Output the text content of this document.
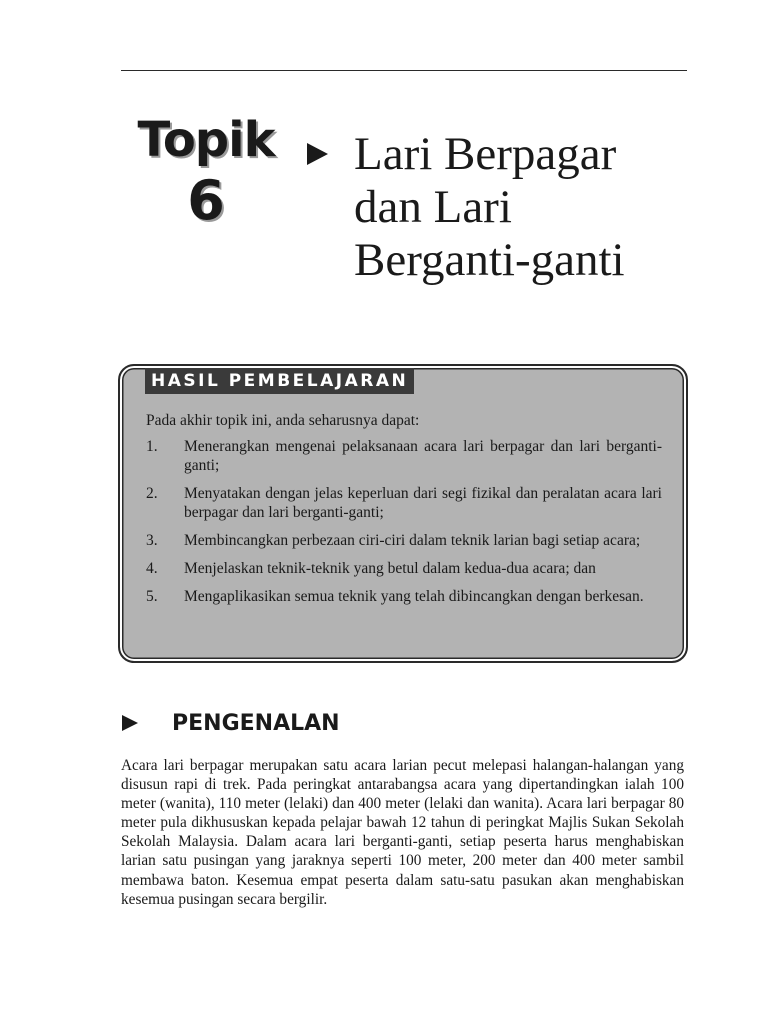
Topik
6
Lari Berpagar
dan Lari
Berganti-ganti
HASIL PEMBELAJARAN
Pada akhir topik ini, anda seharusnya dapat:
1.	Menerangkan mengenai pelaksanaan acara lari berpagar dan lari berganti-ganti;
2.	Menyatakan dengan jelas keperluan dari segi fizikal dan peralatan acara lari berpagar dan lari berganti-ganti;
3.	Membincangkan perbezaan ciri-ciri dalam teknik larian bagi setiap acara;
4.	Menjelaskan teknik-teknik yang betul dalam kedua-dua acara; dan
5.	Mengaplikasikan semua teknik yang telah dibincangkan dengan berkesan.
PENGENALAN

Acara lari berpagar merupakan satu acara larian pecut melepasi halangan-halangan yang disusun rapi di trek. Pada peringkat antarabangsa acara yang dipertandingkan ialah 100 meter (wanita), 110 meter (lelaki) dan 400 meter (lelaki dan wanita). Acara lari berpagar 80 meter pula dikhususkan kepada pelajar bawah 12 tahun di peringkat Majlis Sukan Sekolah Sekolah Malaysia. Dalam acara lari berganti-ganti, setiap peserta harus menghabiskan larian satu pusingan yang jaraknya seperti 100 meter, 200 meter dan 400 meter sambil membawa baton. Kesemua empat peserta dalam satu-satu pasukan akan menghabiskan kesemua pusingan secara bergilir.
